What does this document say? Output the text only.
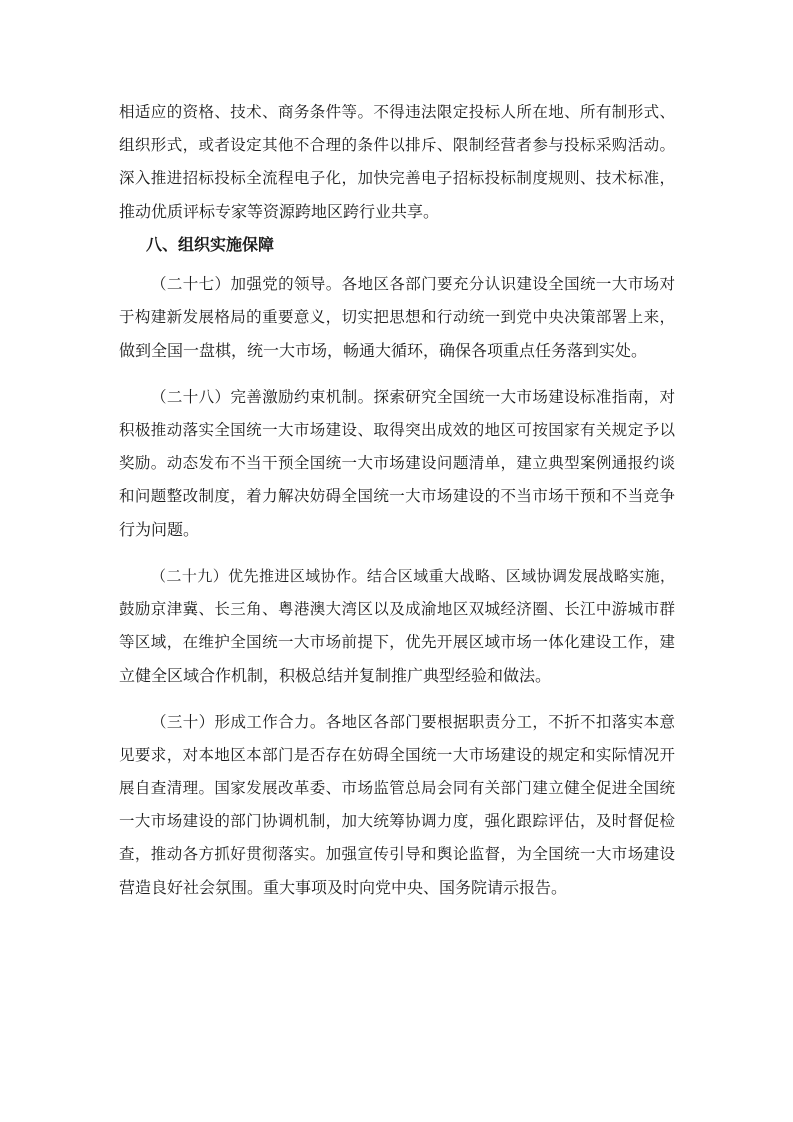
相适应的资格、技术、商务条件等。不得违法限定投标人所在地、所有制形式、
组织形式，或者设定其他不合理的条件以排斥、限制经营者参与投标采购活动。
深入推进招标投标全流程电子化，加快完善电子招标投标制度规则、技术标准，
推动优质评标专家等资源跨地区跨行业共享。
八、组织实施保障
（二十七）加强党的领导。各地区各部门要充分认识建设全国统一大市场对
于构建新发展格局的重要意义，切实把思想和行动统一到党中央决策部署上来，
做到全国一盘棋，统一大市场，畅通大循环，确保各项重点任务落到实处。
（二十八）完善激励约束机制。探索研究全国统一大市场建设标准指南，对
积极推动落实全国统一大市场建设、取得突出成效的地区可按国家有关规定予以
奖励。动态发布不当干预全国统一大市场建设问题清单，建立典型案例通报约谈
和问题整改制度，着力解决妨碍全国统一大市场建设的不当市场干预和不当竞争
行为问题。
（二十九）优先推进区域协作。结合区域重大战略、区域协调发展战略实施，
鼓励京津冀、长三角、粤港澳大湾区以及成渝地区双城经济圈、长江中游城市群
等区域，在维护全国统一大市场前提下，优先开展区域市场一体化建设工作，建
立健全区域合作机制，积极总结并复制推广典型经验和做法。
（三十）形成工作合力。各地区各部门要根据职责分工，不折不扣落实本意
见要求，对本地区本部门是否存在妨碍全国统一大市场建设的规定和实际情况开
展自查清理。国家发展改革委、市场监管总局会同有关部门建立健全促进全国统
一大市场建设的部门协调机制，加大统筹协调力度，强化跟踪评估，及时督促检
查，推动各方抓好贯彻落实。加强宣传引导和舆论监督，为全国统一大市场建设
营造良好社会氛围。重大事项及时向党中央、国务院请示报告。
